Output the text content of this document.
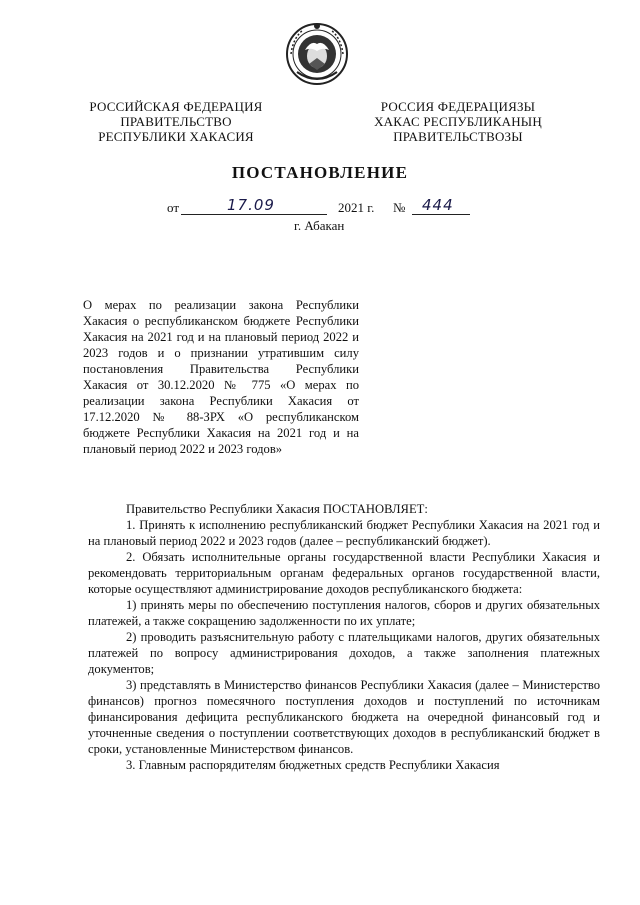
РОССИЙСКАЯ ФЕДЕРАЦИЯ
ПРАВИТЕЛЬСТВО
РЕСПУБЛИКИ ХАКАСИЯ
РОССИЯ ФЕДЕРАЦИЯЗЫ
ХАКАС РЕСПУБЛИКАНЫҢ
ПРАВИТЕЛЬСТВОЗЫ
ПОСТАНОВЛЕНИЕ
от	17.09	2021 г. № 444
г. Абакан
О мерах по реализации закона Республики Хакасия о республиканском бюджете Республики Хакасия на 2021 год и на плановый период 2022 и 2023 годов и о признании утратившим силу постановления Правительства Республики Хакасия от 30.12.2020 № 775 «О мерах по реализации закона Республики Хакасия от 17.12.2020 № 88-ЗРХ «О республиканском бюджете Республики Хакасия на 2021 год и на плановый период 2022 и 2023 годов»

Правительство Республики Хакасия ПОСТАНОВЛЯЕТ:

1. Принять к исполнению республиканский бюджет Республики Хакасия на 2021 год и на плановый период 2022 и 2023 годов (далее – республиканский бюджет).

2. Обязать исполнительные органы государственной власти Республики Хакасия и рекомендовать территориальным органам федеральных органов государственной власти, которые осуществляют администрирование доходов республиканского бюджета:

1) принять меры по обеспечению поступления налогов, сборов и других обязательных платежей, а также сокращению задолженности по их уплате;

2) проводить разъяснительную работу с плательщиками налогов, других обязательных платежей по вопросу администрирования доходов, а также заполнения платежных документов;

3) представлять в Министерство финансов Республики Хакасия (далее – Министерство финансов) прогноз помесячного поступления доходов и поступлений по источникам финансирования дефицита республиканского бюджета на очередной финансовый год и уточненные сведения о поступлении соответствующих доходов в республиканский бюджет в сроки, установленные Министерством финансов.

3. Главным распорядителям бюджетных средств Республики Хакасия
